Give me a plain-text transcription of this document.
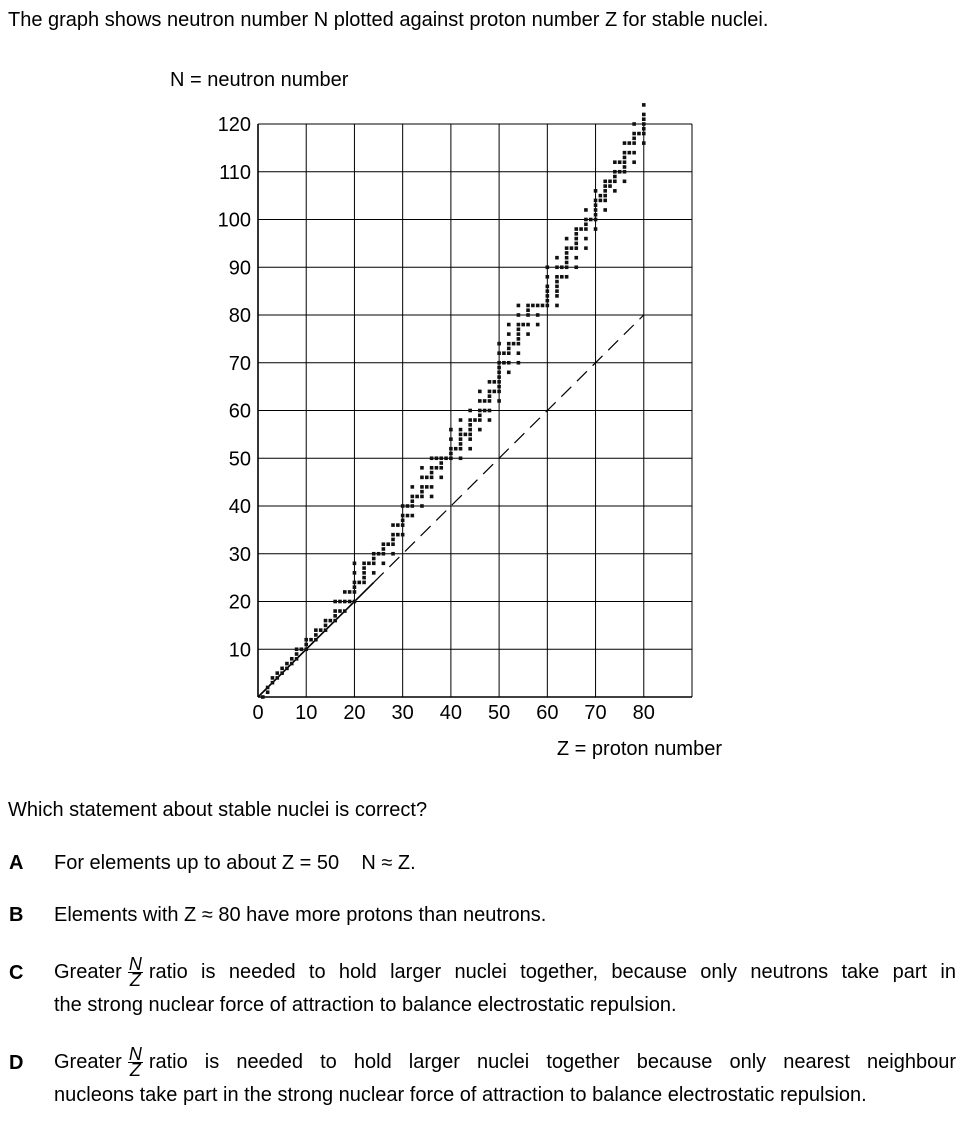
The graph shows neutron number N plotted against proton number Z for stable nuclei.
N = neutron number
0 10 20 30 40 50 60 70 80
120
110
100
90
80
70
60
50
40
30
20
10
Z = proton number
Which statement about stable nuclei is correct?
A For elements up to about Z = 50    N ≈ Z.
B Elements with Z ≈ 80 have more protons than neutrons.
C Greater $\frac{N}{Z}$ ratio is needed to hold larger nuclei together, because only neutrons take part in
the strong nuclear force of attraction to balance electrostatic repulsion.
D Greater $\frac{N}{Z}$ ratio is needed to hold larger nuclei together because only nearest neighbour
nucleons take part in the strong nuclear force of attraction to balance electrostatic repulsion.
